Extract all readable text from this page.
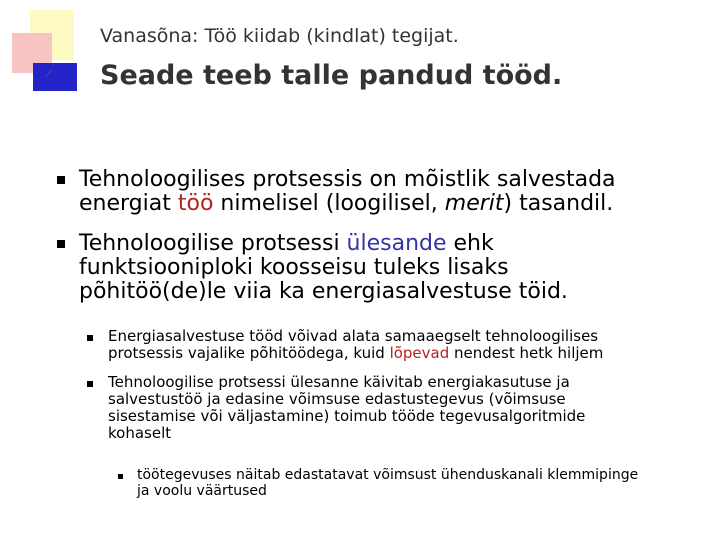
Vanasõna: Töö kiidab (kindlat) tegijat.
Seade teeb talle pandud tööd.
Tehnoloogilises protsessis on mõistlik salvestada
energiat töö nimelisel (loogilisel, merit) tasandil.
Tehnoloogilise protsessi ülesande ehk
funktsiooniploki koosseisu tuleks lisaks
põhitöö(de)le viia ka energiasalvestuse töid.
Energiasalvestuse tööd võivad alata samaaegselt tehnoloogilises
protsessis vajalike põhitöödega, kuid lõpevad nendest hetk hiljem
Tehnoloogilise protsessi ülesanne käivitab energiakasutuse ja
salvestustöö ja edasine võimsuse edastustegevus (võimsuse
sisestamise või väljastamine) toimub tööde tegevusalgoritmide
kohaselt
töötegevuses näitab edastatavat võimsust ühenduskanali klemmipinge
ja voolu väärtused
